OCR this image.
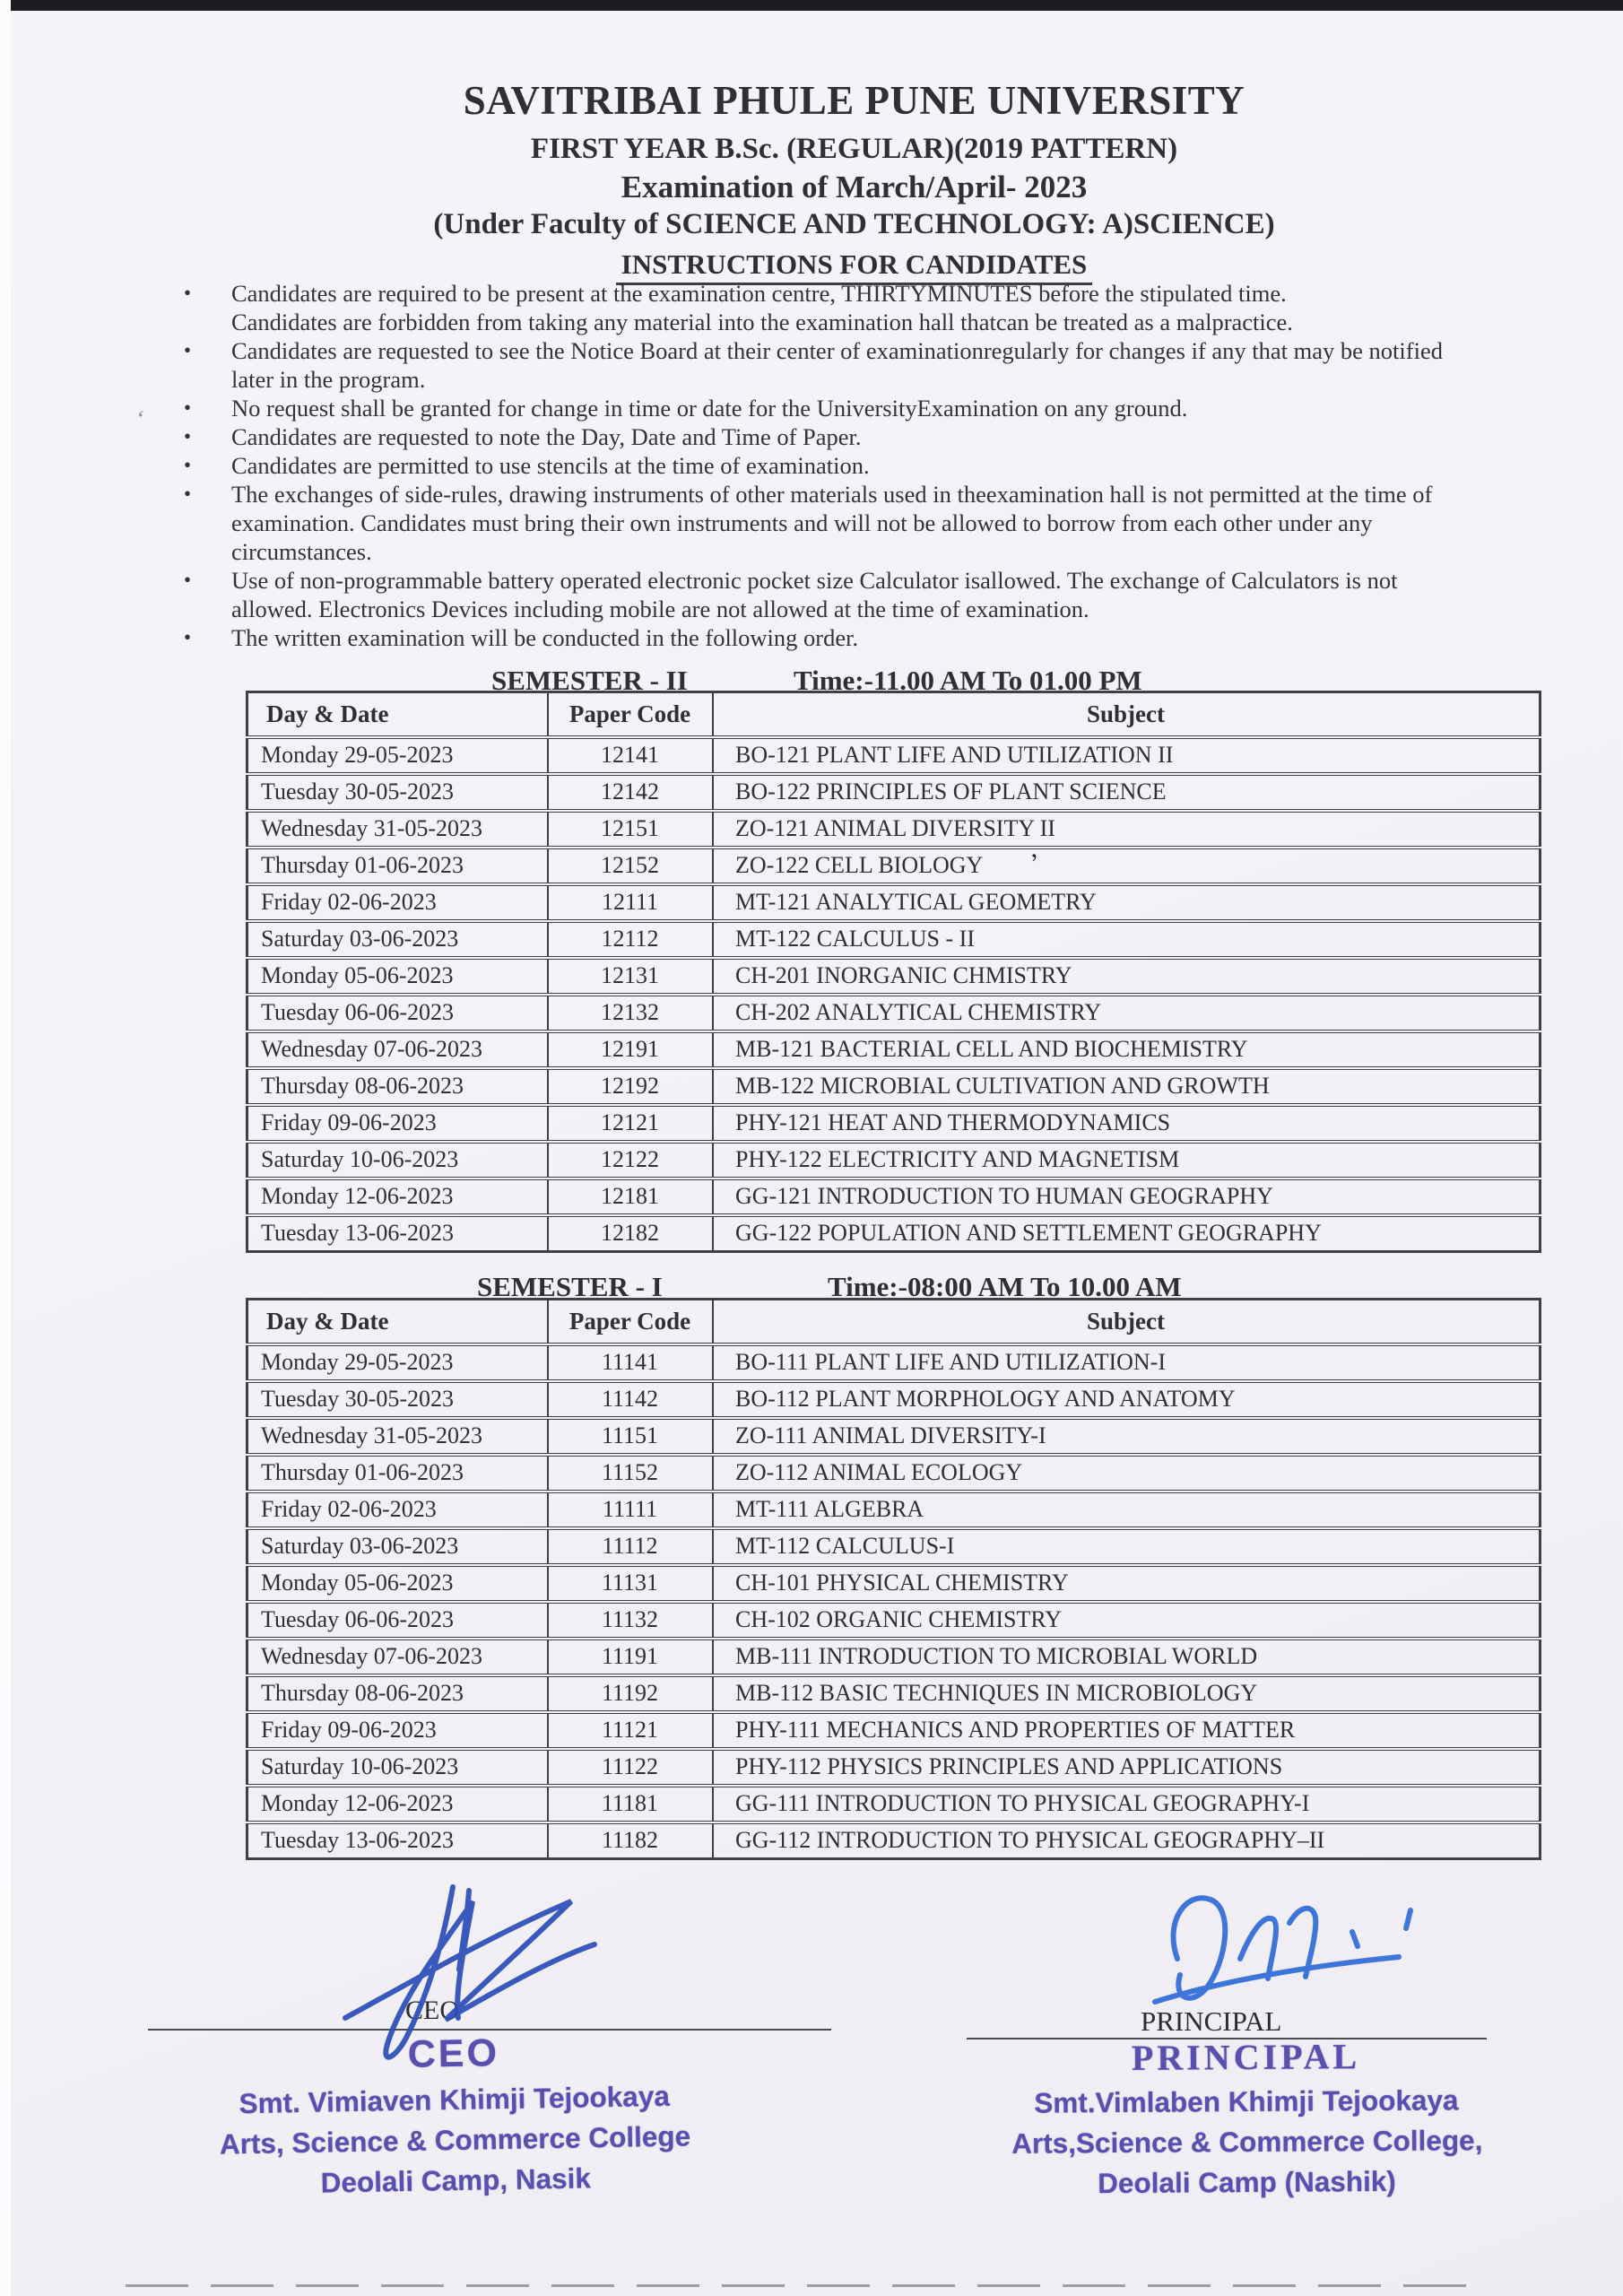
SAVITRIBAI PHULE PUNE UNIVERSITY
FIRST YEAR B.Sc. (REGULAR)(2019 PATTERN)
Examination of March/April- 2023
(Under Faculty of SCIENCE AND TECHNOLOGY: A)SCIENCE)
INSTRUCTIONS FOR CANDIDATES
•	Candidates are required to be present at the examination centre, THIRTYMINUTES before the stipulated time.
Candidates are forbidden from taking any material into the examination hall thatcan be treated as a malpractice.
•	Candidates are requested to see the Notice Board at their center of examinationregularly for changes if any that may be notified later in the program.
•	No request shall be granted for change in time or date for the UniversityExamination on any ground.
•	Candidates are requested to note the Day, Date and Time of Paper.
•	Candidates are permitted to use stencils at the time of examination.
•	The exchanges of side-rules, drawing instruments of other materials used in theexamination hall is not permitted at the time of examination. Candidates must bring their own instruments and will not be allowed to borrow from each other under any circumstances.
•	Use of non-programmable battery operated electronic pocket size Calculator isallowed. The exchange of Calculators is not allowed. Electronics Devices including mobile are not allowed at the time of examination.
•	The written examination will be conducted in the following order.
SEMESTER - II	Time:-11.00 AM To 01.00 PM
Day & Date	Paper Code	Subject
Monday 29-05-2023	12141	BO-121 PLANT LIFE AND UTILIZATION II
Tuesday 30-05-2023	12142	BO-122 PRINCIPLES OF PLANT SCIENCE
Wednesday 31-05-2023	12151	ZO-121 ANIMAL DIVERSITY II
Thursday 01-06-2023	12152	ZO-122 CELL BIOLOGY
Friday 02-06-2023	12111	MT-121 ANALYTICAL GEOMETRY
Saturday 03-06-2023	12112	MT-122 CALCULUS - II
Monday 05-06-2023	12131	CH-201 INORGANIC CHMISTRY
Tuesday 06-06-2023	12132	CH-202 ANALYTICAL CHEMISTRY
Wednesday 07-06-2023	12191	MB-121 BACTERIAL CELL AND BIOCHEMISTRY
Thursday 08-06-2023	12192	MB-122 MICROBIAL CULTIVATION AND GROWTH
Friday 09-06-2023	12121	PHY-121 HEAT AND THERMODYNAMICS
Saturday 10-06-2023	12122	PHY-122 ELECTRICITY AND MAGNETISM
Monday 12-06-2023	12181	GG-121 INTRODUCTION TO HUMAN GEOGRAPHY
Tuesday 13-06-2023	12182	GG-122 POPULATION AND SETTLEMENT GEOGRAPHY
’
‘
SEMESTER - I	Time:-08:00 AM To 10.00 AM
Day & Date	Paper Code	Subject
Monday 29-05-2023	11141	BO-111 PLANT LIFE AND UTILIZATION-I
Tuesday 30-05-2023	11142	BO-112 PLANT MORPHOLOGY AND ANATOMY
Wednesday 31-05-2023	11151	ZO-111 ANIMAL DIVERSITY-I
Thursday 01-06-2023	11152	ZO-112 ANIMAL ECOLOGY
Friday 02-06-2023	11111	MT-111 ALGEBRA
Saturday 03-06-2023	11112	MT-112 CALCULUS-I
Monday 05-06-2023	11131	CH-101 PHYSICAL CHEMISTRY
Tuesday 06-06-2023	11132	CH-102 ORGANIC CHEMISTRY
Wednesday 07-06-2023	11191	MB-111 INTRODUCTION TO MICROBIAL WORLD
Thursday 08-06-2023	11192	MB-112 BASIC TECHNIQUES IN MICROBIOLOGY
Friday 09-06-2023	11121	PHY-111 MECHANICS AND PROPERTIES OF MATTER
Saturday 10-06-2023	11122	PHY-112 PHYSICS PRINCIPLES AND APPLICATIONS
Monday 12-06-2023	11181	GG-111 INTRODUCTION TO PHYSICAL GEOGRAPHY-I
Tuesday 13-06-2023	11182	GG-112 INTRODUCTION TO PHYSICAL GEOGRAPHY–II
CEO
CEO
Smt. Vimiaven Khimji Tejookaya
Arts, Science & Commerce College
Deolali Camp, Nasik
PRINCIPAL
PRINCIPAL
Smt.Vimlaben Khimji Tejookaya
Arts,Science & Commerce College,
Deolali Camp (Nashik)
